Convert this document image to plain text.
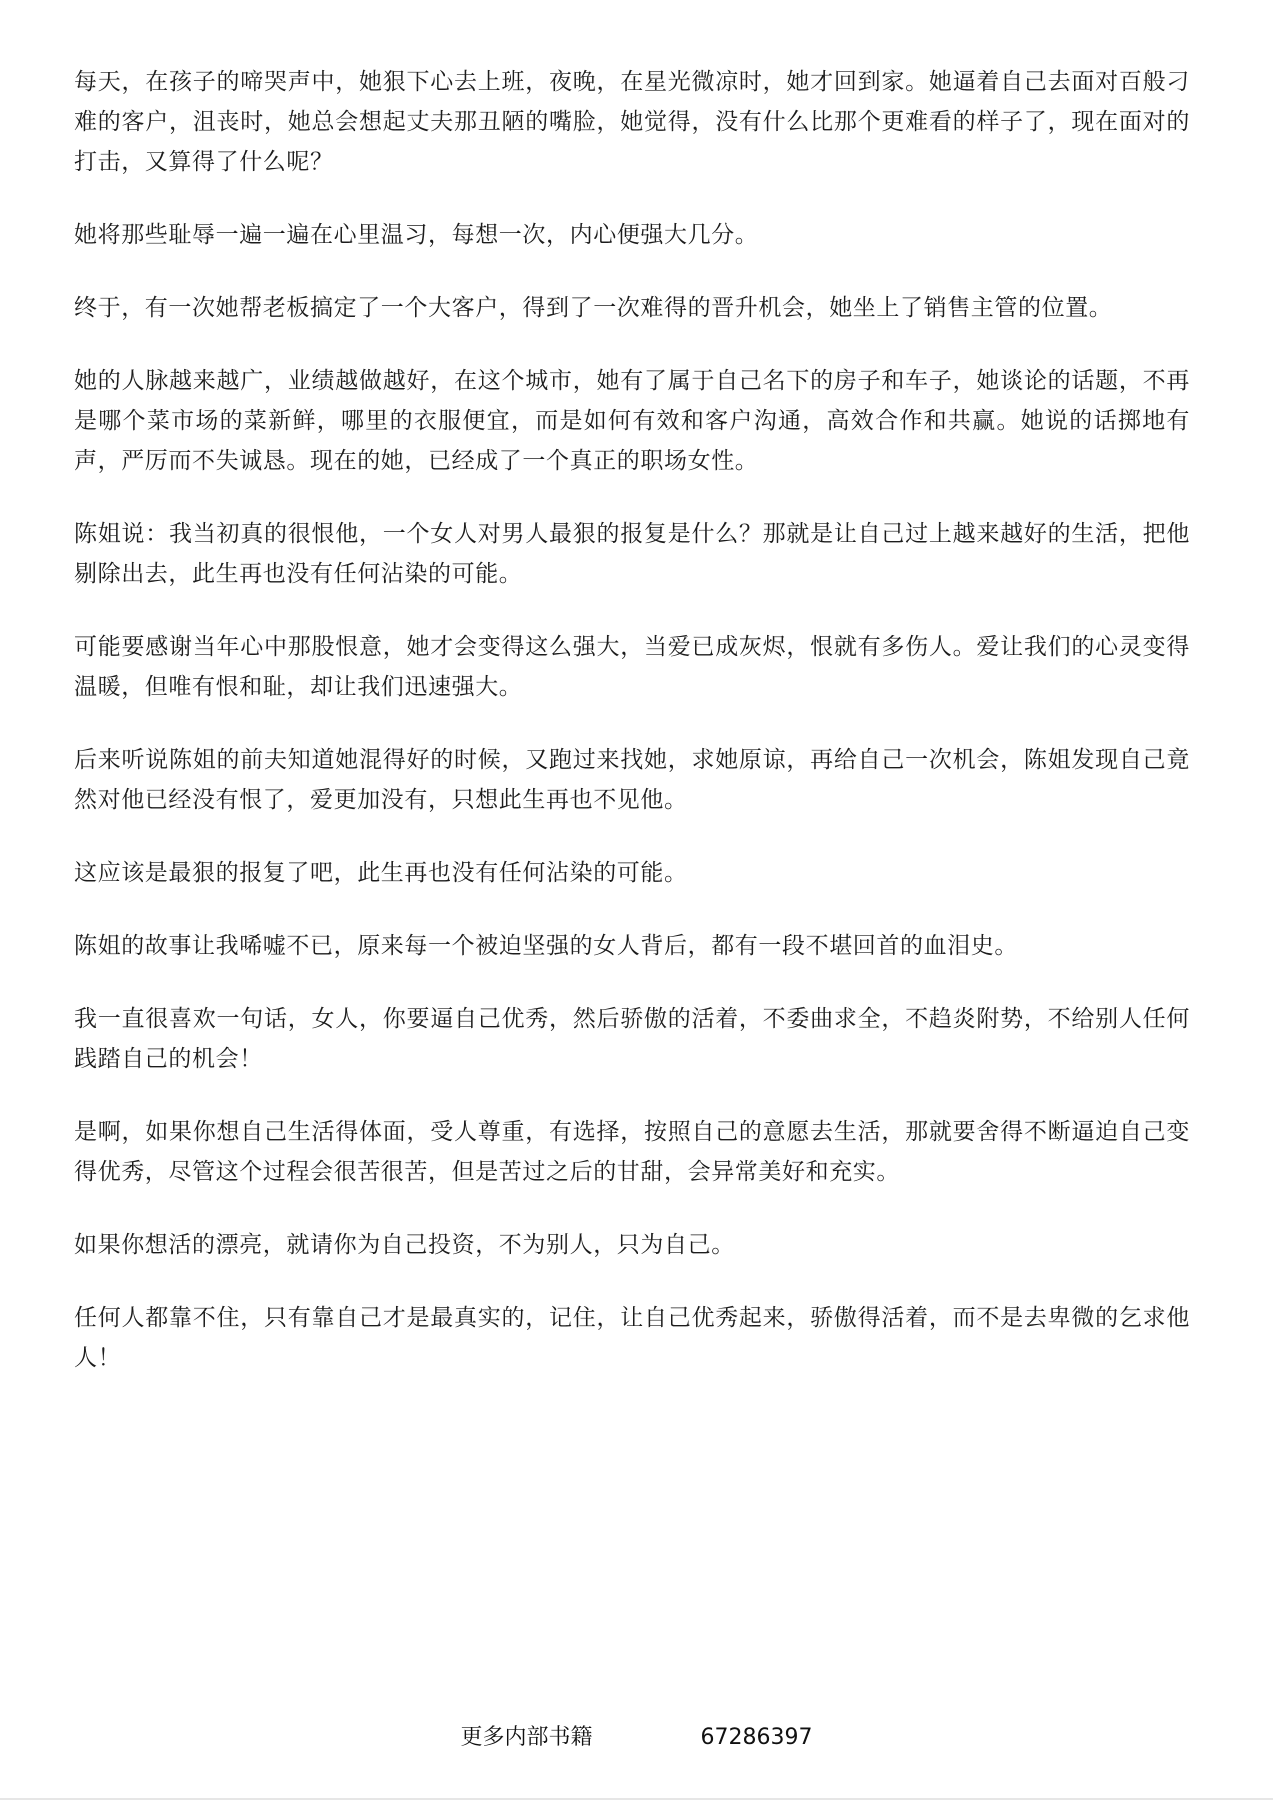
每天，在孩子的啼哭声中，她狠下心去上班，夜晚，在星光微凉时，她才回到家。她逼着自己去面对百般刁难的客户，沮丧时，她总会想起丈夫那丑陋的嘴脸，她觉得，没有什么比那个更难看的样子了，现在面对的打击，又算得了什么呢？

她将那些耻辱一遍一遍在心里温习，每想一次，内心便强大几分。

终于，有一次她帮老板搞定了一个大客户，得到了一次难得的晋升机会，她坐上了销售主管的位置。

她的人脉越来越广，业绩越做越好，在这个城市，她有了属于自己名下的房子和车子，她谈论的话题，不再是哪个菜市场的菜新鲜，哪里的衣服便宜，而是如何有效和客户沟通，高效合作和共赢。她说的话掷地有声，严厉而不失诚恳。现在的她，已经成了一个真正的职场女性。

陈姐说：我当初真的很恨他，一个女人对男人最狠的报复是什么？那就是让自己过上越来越好的生活，把他剔除出去，此生再也没有任何沾染的可能。

可能要感谢当年心中那股恨意，她才会变得这么强大，当爱已成灰烬，恨就有多伤人。爱让我们的心灵变得温暖，但唯有恨和耻，却让我们迅速强大。

后来听说陈姐的前夫知道她混得好的时候，又跑过来找她，求她原谅，再给自己一次机会，陈姐发现自己竟然对他已经没有恨了，爱更加没有，只想此生再也不见他。

这应该是最狠的报复了吧，此生再也没有任何沾染的可能。

陈姐的故事让我唏嘘不已，原来每一个被迫坚强的女人背后，都有一段不堪回首的血泪史。

我一直很喜欢一句话，女人，你要逼自己优秀，然后骄傲的活着，不委曲求全，不趋炎附势，不给别人任何践踏自己的机会！

是啊，如果你想自己生活得体面，受人尊重，有选择，按照自己的意愿去生活，那就要舍得不断逼迫自己变得优秀，尽管这个过程会很苦很苦，但是苦过之后的甘甜，会异常美好和充实。

如果你想活的漂亮，就请你为自己投资，不为别人，只为自己。

任何人都靠不住，只有靠自己才是最真实的，记住，让自己优秀起来，骄傲得活着，而不是去卑微的乞求他人！

更多内部书籍	67286397
